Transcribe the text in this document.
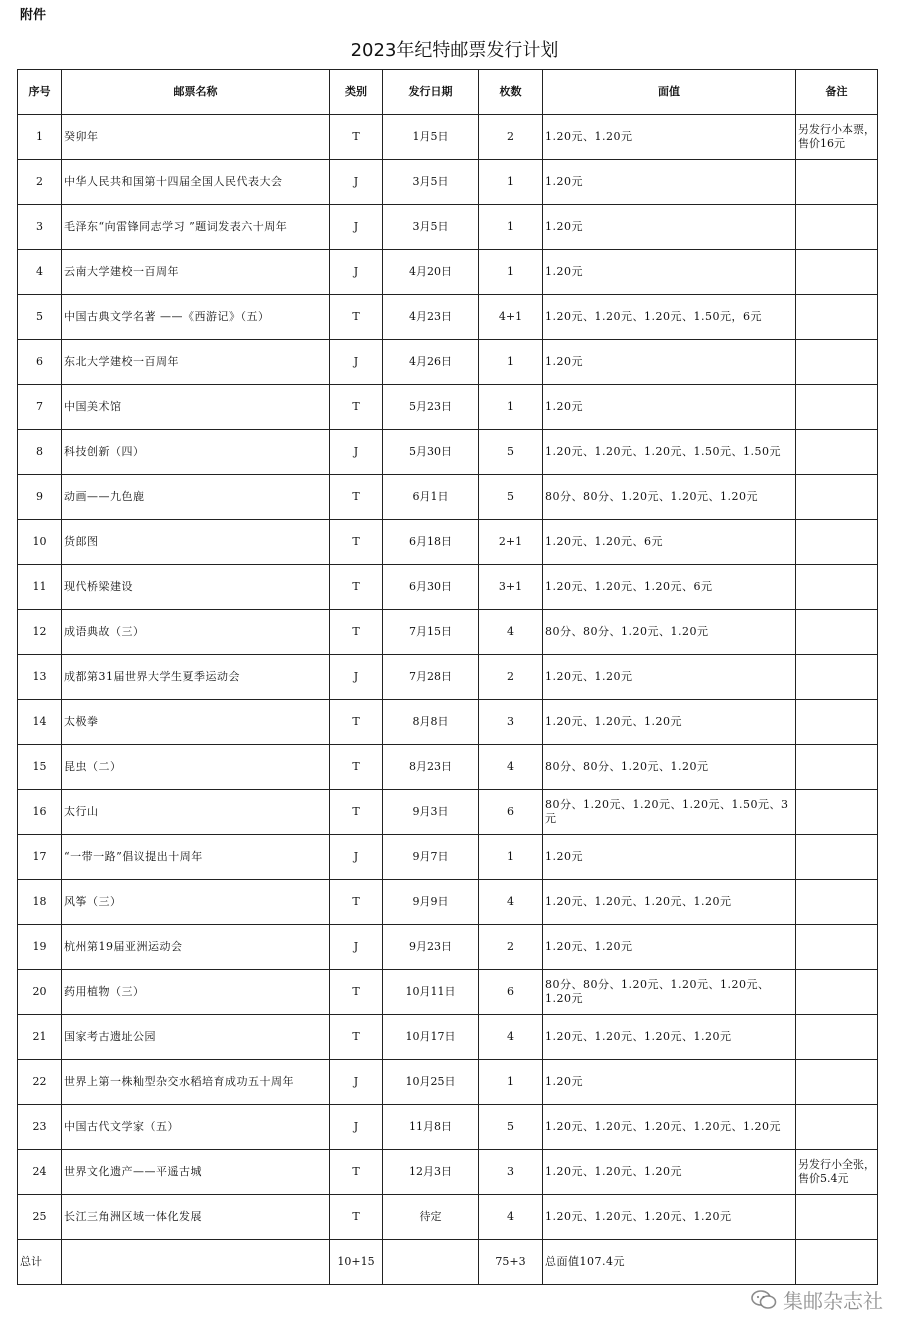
附件
2023年纪特邮票发行计划
序号	邮票名称	类别	发行日期	枚数	面值	备注
1	癸卯年	T	1月5日	2	1.20元、1.20元	另发行小本票，售价16元
2	中华人民共和国第十四届全国人民代表大会	J	3月5日	1	1.20元	
3	毛泽东“向雷锋同志学习 ”题词发表六十周年	J	3月5日	1	1.20元	
4	云南大学建校一百周年	J	4月20日	1	1.20元	
5	中国古典文学名著 ——《西游记》（五）	T	4月23日	4+1	1.20元、1.20元、1.20元、1.50元，6元	
6	东北大学建校一百周年	J	4月26日	1	1.20元	
7	中国美术馆	T	5月23日	1	1.20元	
8	科技创新（四）	J	5月30日	5	1.20元、1.20元、1.20元、1.50元、1.50元	
9	动画——九色鹿	T	6月1日	5	80分、80分、1.20元、1.20元、1.20元	
10	货郎图	T	6月18日	2+1	1.20元、1.20元、6元	
11	现代桥梁建设	T	6月30日	3+1	1.20元、1.20元、1.20元、6元	
12	成语典故（三）	T	7月15日	4	80分、80分、1.20元、1.20元	
13	成都第31届世界大学生夏季运动会	J	7月28日	2	1.20元、1.20元	
14	太极拳	T	8月8日	3	1.20元、1.20元、1.20元	
15	昆虫（二）	T	8月23日	4	80分、80分、1.20元、1.20元	
16	太行山	T	9月3日	6	80分、1.20元、1.20元、1.20元、1.50元、3元	
17	“一带一路”倡议提出十周年	J	9月7日	1	1.20元	
18	风筝（三）	T	9月9日	4	1.20元、1.20元、1.20元、1.20元	
19	杭州第19届亚洲运动会	J	9月23日	2	1.20元、1.20元	
20	药用植物（三）	T	10月11日	6	80分、80分、1.20元、1.20元、1.20元、1.20元	
21	国家考古遗址公园	T	10月17日	4	1.20元、1.20元、1.20元、1.20元	
22	世界上第一株籼型杂交水稻培育成功五十周年	J	10月25日	1	1.20元	
23	中国古代文学家（五）	J	11月8日	5	1.20元、1.20元、1.20元、1.20元、1.20元	
24	世界文化遗产——平遥古城	T	12月3日	3	1.20元、1.20元、1.20元	另发行小全张，售价5.4元
25	长江三角洲区域一体化发展	T	待定	4	1.20元、1.20元、1.20元、1.20元	
总计		10+15		75+3	总面值107.4元	
集邮杂志社
